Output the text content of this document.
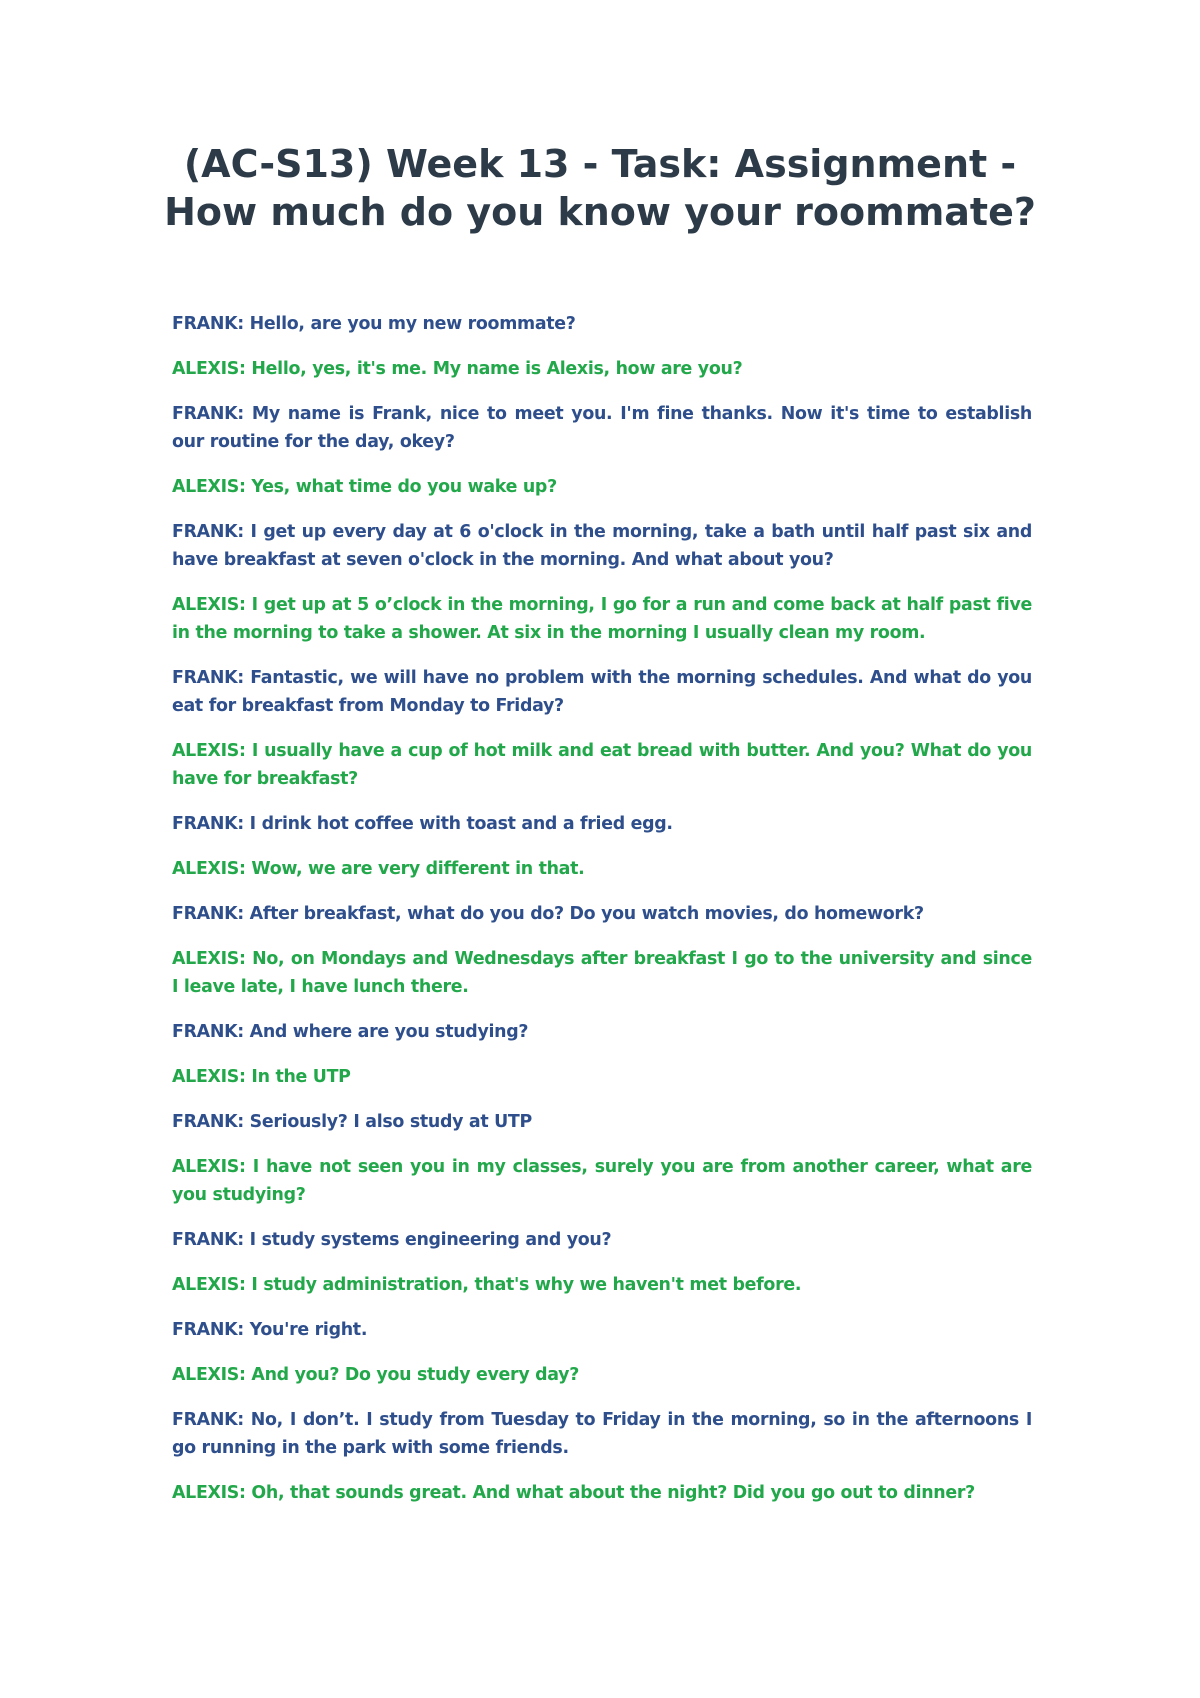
(AC-S13) Week 13 - Task: Assignment - How much do you know your roommate?

FRANK: Hello, are you my new roommate?

ALEXIS: Hello, yes, it's me. My name is Alexis, how are you?

FRANK: My name is Frank, nice to meet you. I'm fine thanks. Now it's time to establish our routine for the day, okey?

ALEXIS: Yes, what time do you wake up?

FRANK: I get up every day at 6 o'clock in the morning, take a bath until half past six and have breakfast at seven o'clock in the morning. And what about you?

ALEXIS: I get up at 5 o’clock in the morning, I go for a run and come back at half past five in the morning to take a shower. At six in the morning I usually clean my room.

FRANK: Fantastic, we will have no problem with the morning schedules. And what do you eat for breakfast from Monday to Friday?

ALEXIS: I usually have a cup of hot milk and eat bread with butter. And you? What do you have for breakfast?

FRANK: I drink hot coffee with toast and a fried egg.

ALEXIS: Wow, we are very different in that.

FRANK: After breakfast, what do you do? Do you watch movies, do homework?

ALEXIS: No, on Mondays and Wednesdays after breakfast I go to the university and since I leave late, I have lunch there.

FRANK: And where are you studying?

ALEXIS: In the UTP

FRANK: Seriously? I also study at UTP

ALEXIS: I have not seen you in my classes, surely you are from another career, what are you studying?

FRANK: I study systems engineering and you?

ALEXIS: I study administration, that's why we haven't met before.

FRANK: You're right.

ALEXIS: And you? Do you study every day?

FRANK: No, I don’t. I study from Tuesday to Friday in the morning, so in the afternoons I go running in the park with some friends.

ALEXIS: Oh, that sounds great. And what about the night? Did you go out to dinner?
